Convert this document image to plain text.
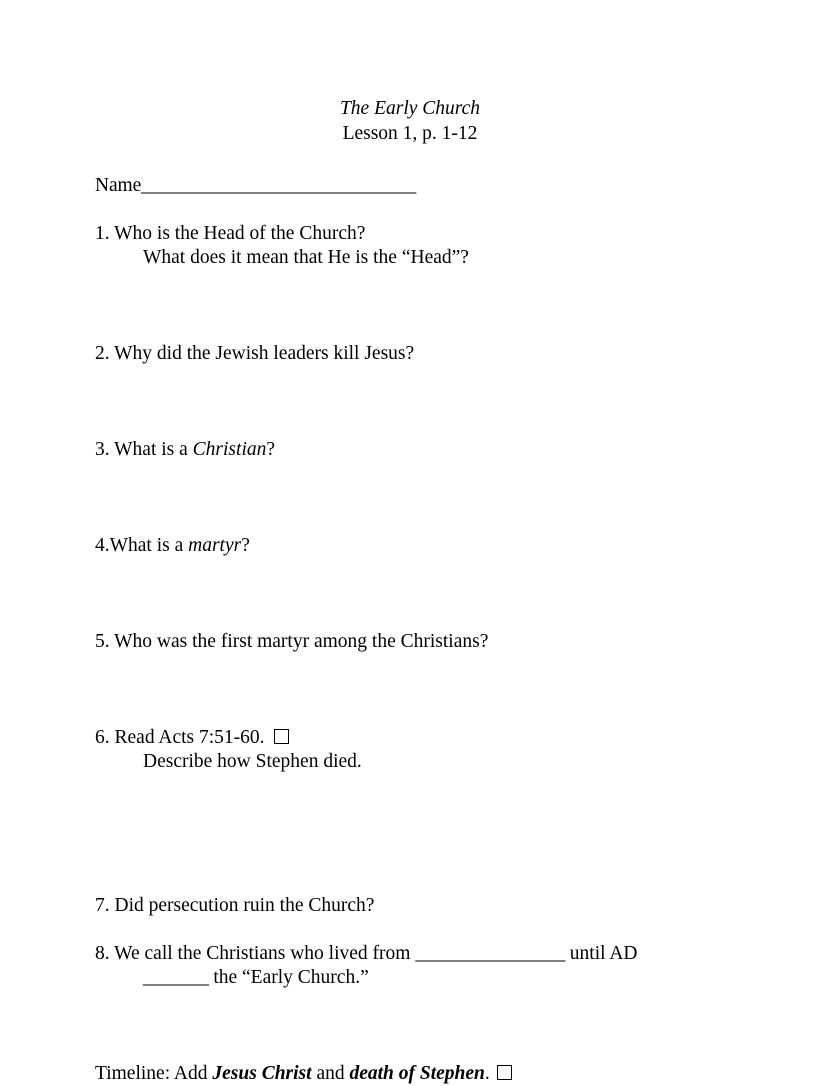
The Early Church

Lesson 1, p. 1-12

Name______________________________

1. Who is the Head of the Church?

What does it mean that He is the “Head”?

2. Why did the Jewish leaders kill Jesus?

3. What is a Christian?

4.What is a martyr?

5. Who was the first martyr among the Christians?

6. Read Acts 7:51-60.

Describe how Stephen died.

7. Did persecution ruin the Church?

8. We call the Christians who lived from ________________ until AD

_______ the “Early Church.”

Timeline: Add Jesus Christ and death of Stephen.
